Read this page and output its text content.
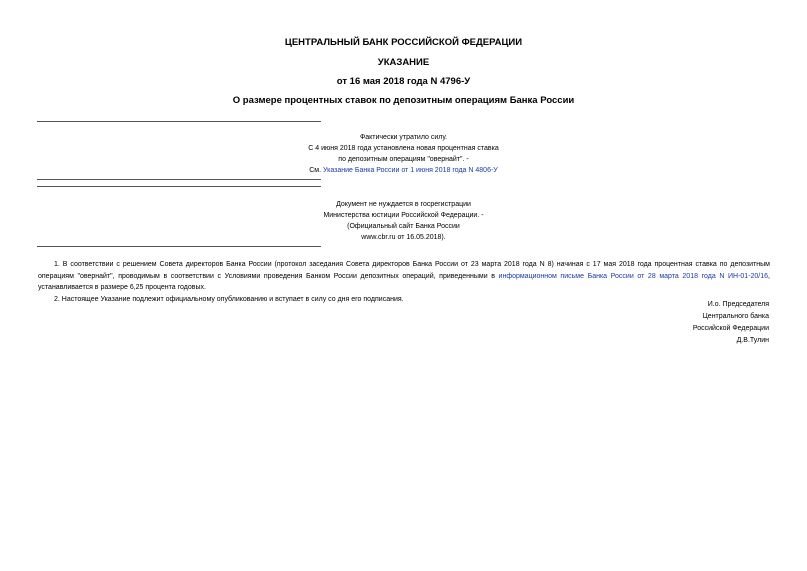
ЦЕНТРАЛЬНЫЙ БАНК РОССИЙСКОЙ ФЕДЕРАЦИИ
УКАЗАНИЕ
от 16 мая 2018 года N 4796-У
О размере процентных ставок по депозитным операциям Банка России
Фактически утратило силу.
С 4 июня 2018 года установлена новая процентная ставка
по депозитным операциям "овернайт". -
См. Указание Банка России от 1 июня 2018 года N 4806-У
Документ не нуждается в госрегистрации
Министерства юстиции Российской Федерации. -
(Официальный сайт Банка России
www.cbr.ru от 16.05.2018).

1. В соответствии с решением Совета директоров Банка России (протокол заседания Совета директоров Банка России от 23 марта 2018 года N 8) начиная с 17 мая 2018 года процентная ставка по депозитным операциям "овернайт", проводимым в соответствии с Условиями проведения Банком России депозитных операций, приведенными в информационном письме Банка России от 28 марта 2018 года N ИН-01-20/16, устанавливается в размере 6,25 процента годовых.

2. Настоящее Указание подлежит официальному опубликованию и вступает в силу со дня его подписания.

И.о. Председателя
Центрального банка
Российской Федерации
Д.В.Тулин
